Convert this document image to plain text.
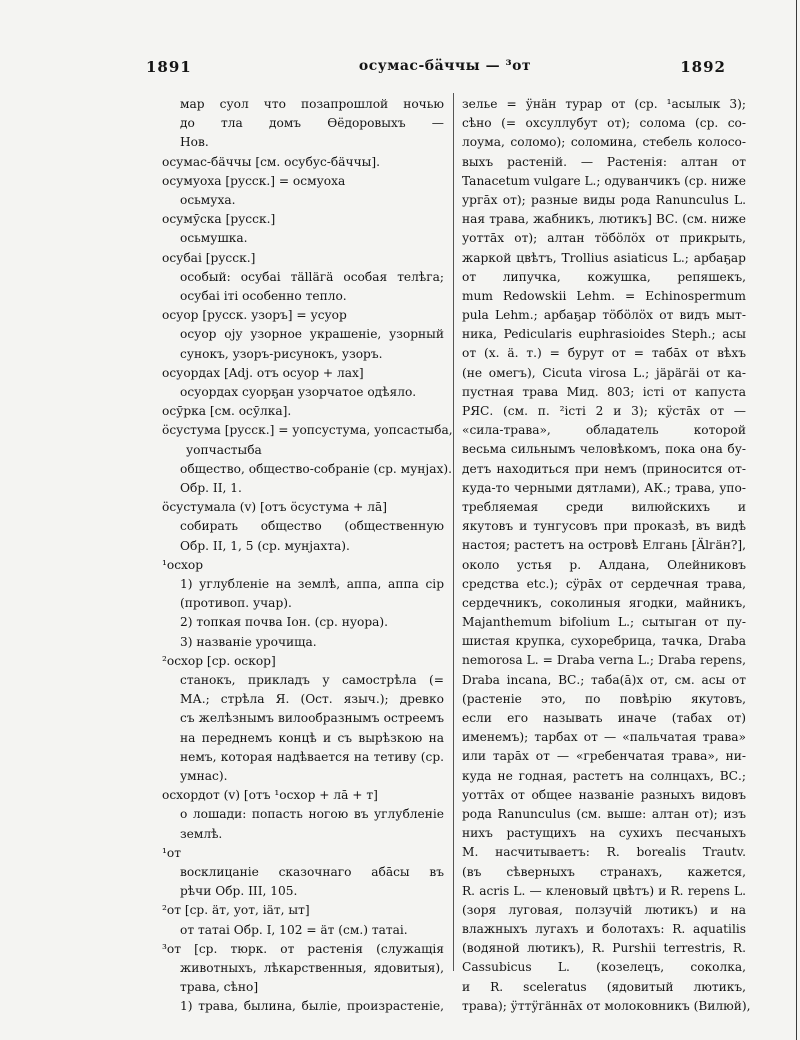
1891	осумас-бäччы — ³от	1892
мар суол что позапрошлой ночью
до тла домъ Ѳёдоровыхъ —
Нов.
осумас-бäччы [см. осубус-бäччы].
осумуоха [русск.] = осмуоха
осьмуха.
осумӯска [русск.]
осьмушка.
осубаі [русск.]
особый: осубаі тälläгä особая телѣга;
осубаі іті особенно тепло.
осуор [русск. узоръ] = усуор
осуор оју узорное украшеніе, узорный
сунокъ, узоръ-рисунокъ, узоръ.
осуордах [Adj. отъ осуор + лах]
осуордах суорҕан узорчатое одѣяло.
осӯрка [см. осӯлка].
ӧсустума [русск.] = уопсустума, уопсастыба,
уопчастыба
общество, общество-собраніе (ср. мунјах).
Обр. II, 1.
ӧсустумала (v) [отъ ӧсустума + лā]
собирать общество (общественную
Обр. II, 1, 5 (ср. мунјахта).
¹осхор
1) углубленіе на землѣ, аппа, аппа сір
(противоп. учар).
2) топкая почва Іон. (ср. нуора).
3) названіе урочища.
²осхор [ср. оскор]
станокъ, прикладъ у самострѣла (=
МА.; стрѣла Я. (Ост. языч.); древко
съ желѣзнымъ вилообразнымъ остреемъ
на переднемъ концѣ и съ вырѣзкою на
немъ, которая надѣвается на тетиву (ср.
умнас).
осхордот (v) [отъ ¹осхор + лā + т]
о лошади: попасть ногою въ углубленіе
землѣ.
¹от
восклицаніе сказочнаго абāсы въ
рѣчи Обр. III, 105.
²от [ср. äт, уот, іäт, ыт]
от татаі Обр. I, 102 = äт (см.) татаі.
³от [ср. тюрк. от растенія (служащія
животныхъ, лѣкарственныя, ядовитыя),
трава, сѣно]
1) трава, былина, быліе, произрастеніе,
зелье = ӱнäн турар от (ср. ¹асылык 3);
сѣно (= охсуллубут от); солома (ср. со-
лоума, соломо); соломина, стебель колосо-
выхъ растеній. — Растенія: алтан от
Tanacetum vulgare L.; одуванчикъ (ср. ниже
ургāх от); разные виды рода Ranunculus L.
ная трава, жабникъ, лютикъ] ВС. (см. ниже
уоттāх от); алтан тӧбӧлӧх от прикрыть,
жаркой цвѣтъ, Trollius asiaticus L.; арбаҕар
от липучка, кожушка, репяшекъ,
mum Redowskii Lehm. = Echinospermum
pula Lehm.; арбаҕар тӧбӧлӧх от видъ мыт-
ника, Pedicularis euphrasioides Steph.; асы
от (х. ä. т.) = бурут от = табāх от вѣхъ
(не омегъ), Cicuta virosa L.; јäрäгäі от ка-
пустная трава Мид. 803; істі от капуста
РЯС. (см. п. ²істі 2 и 3); кӱстāх от —
«сила-трава», обладатель которой
весьма сильнымъ человѣкомъ, пока она бу-
детъ находиться при немъ (приносится от-
куда-то черными дятлами), АК.; трава, упо-
требляемая среди вилюйскихъ и
якутовъ и тунгусовъ при проказѣ, въ видѣ
настоя; растетъ на островѣ Елгань [Älгäн?],
около устья р. Алдана, Олейниковъ
средства etc.); сӱрāх от сердечная трава,
сердечникъ, соколиныя ягодки, майникъ,
Majanthemum bifolium L.; сытыган от пу-
шистая крупка, сухоребрица, тачка, Draba
nemorosa L. = Draba verna L.; Draba repens,
Draba incana, ВС.; таба(ā)х от, см. асы от
(растеніе это, по повѣрію якутовъ,
если его называть иначе (табах от)
именемъ); тарбах от — «пальчатая трава»
или тарāх от — «гребенчатая трава», ни-
куда не годная, растетъ на солнцахъ, ВС.;
уоттāх от общее названіе разныхъ видовъ
рода Ranunculus (см. выше: алтан от); изъ
нихъ растущихъ на сухихъ песчаныхъ
М. насчитываетъ: R. borealis Trautv.
(въ сѣверныхъ странахъ, кажется,
R. acris L. — кленовый цвѣтъ) и R. repens L.
(зоря луговая, ползучій лютикъ) и на
влажныхъ лугахъ и болотахъ: R. aquatilis
(водяной лютикъ), R. Purshii terrestris, R.
Cassubicus L. (козелецъ, соколка,
и R. sceleratus (ядовитый лютикъ,
трава); ӱттӱгäннāх от молоковникъ (Вилюй),
